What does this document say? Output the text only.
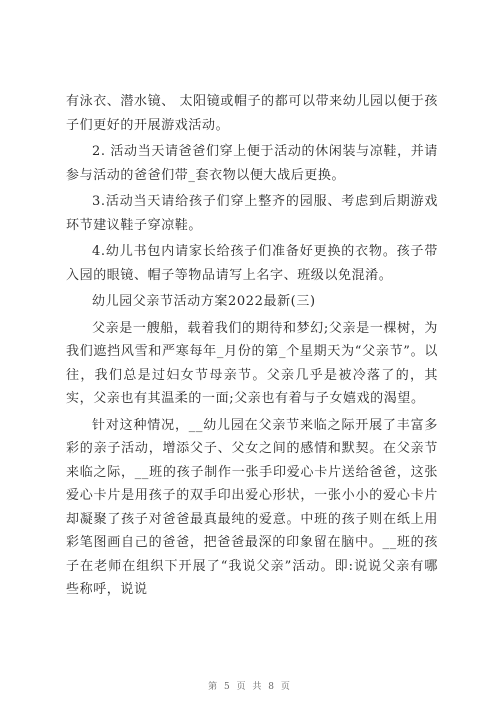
有泳衣、潜水镜、 太阳镜或帽子的都可以带来幼儿园以便于孩子们更好的开展游戏活动。

2. 活动当天请爸爸们穿上便于活动的休闲装与凉鞋，并请参与活动的爸爸们带_套衣物以便大战后更换。

3.活动当天请给孩子们穿上整齐的园服、考虑到后期游戏环节建议鞋子穿凉鞋。

4.幼儿书包内请家长给孩子们准备好更换的衣物。孩子带入园的眼镜、帽子等物品请写上名字、班级以免混淆。

幼儿园父亲节活动方案2022最新(三)

父亲是一艘船，载着我们的期待和梦幻;父亲是一棵树，为我们遮挡风雪和严寒每年_月份的第_个星期天为“父亲节”。以往，我们总是过妇女节母亲节。父亲几乎是被冷落了的，其实，父亲也有其温柔的一面;父亲也有着与子女嬉戏的渴望。

针对这种情况，__幼儿园在父亲节来临之际开展了丰富多彩的亲子活动，增添父子、父女之间的感情和默契。在父亲节来临之际，__班的孩子制作一张手印爱心卡片送给爸爸，这张爱心卡片是用孩子的双手印出爱心形状，一张小小的爱心卡片却凝聚了孩子对爸爸最真最纯的爱意。中班的孩子则在纸上用彩笔图画自己的爸爸，把爸爸最深的印象留在脑中。__班的孩子在老师在组织下开展了“我说父亲”活动。即:说说父亲有哪些称呼，说说

第 5 页 共 8 页
